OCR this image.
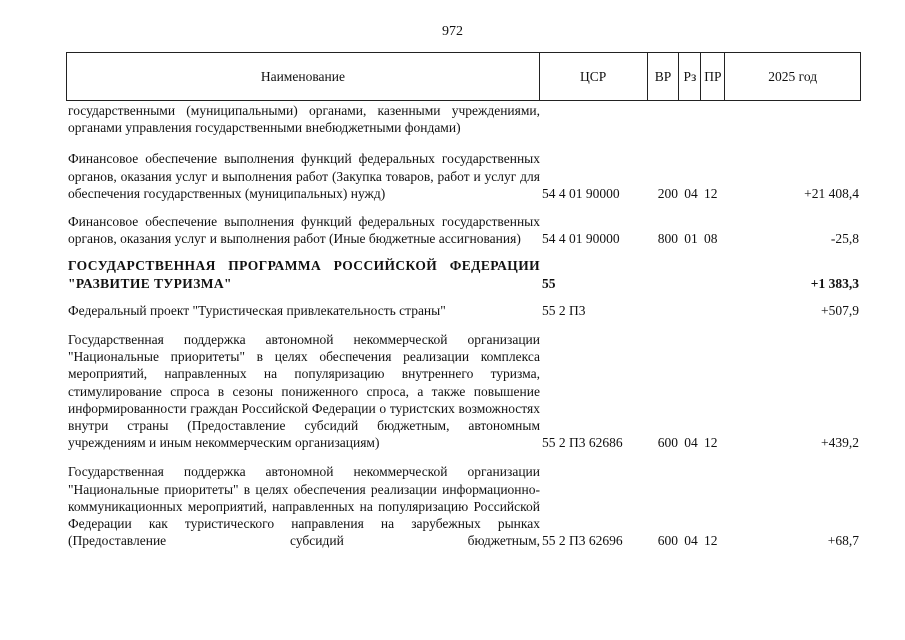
972
Наименование	ЦСР	ВР Рз ПР	2025 год
государственными (муниципальными) органами, казенными учреждениями, органами управления государственными внебюджетными фондами)
Финансовое обеспечение выполнения функций федеральных государственных органов, оказания услуг и выполнения работ (Закупка товаров, работ и услуг для обеспечения государственных (муниципальных) нужд)	54 4 01 90000	200 04 12	+21 408,4
Финансовое обеспечение выполнения функций федеральных государственных органов, оказания услуг и выполнения работ (Иные бюджетные ассигнования)	54 4 01 90000	800 01 08	-25,8
ГОСУДАРСТВЕННАЯ ПРОГРАММА РОССИЙСКОЙ ФЕДЕРАЦИИ "РАЗВИТИЕ ТУРИЗМА"	55	+1 383,3
Федеральный проект "Туристическая привлекательность страны"	55 2 П3	+507,9
Государственная поддержка автономной некоммерческой организации "Национальные приоритеты" в целях обеспечения реализации комплекса мероприятий, направленных на популяризацию внутреннего туризма, стимулирование спроса в сезоны пониженного спроса, а также повышение информированности граждан Российской Федерации о туристских возможностях внутри страны (Предоставление субсидий бюджетным, автономным учреждениям и иным некоммерческим организациям)	55 2 П3 62686	600 04 12	+439,2
Государственная поддержка автономной некоммерческой организации "Национальные приоритеты" в целях обеспечения реализации информационно-коммуникационных мероприятий, направленных на популяризацию Российской Федерации как туристического направления на зарубежных рынках (Предоставление субсидий бюджетным, 55 2 П3 62696	600 04 12	+68,7
